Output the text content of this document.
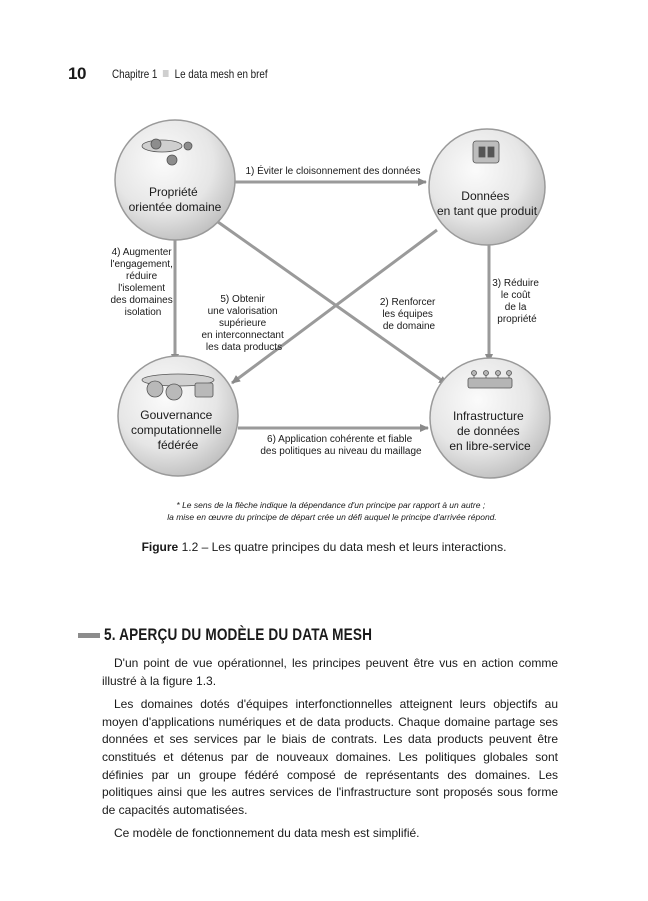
10 Chapitre 1 Le data mesh en bref
Propriété orientée domaine
Données en tant que produit
Gouvernance computationnelle fédérée
Infrastructure de données en libre-service
1) Éviter le cloisonnement des données
2) Renforcer les équipes de domaine
3) Réduire le coût de la propriété
4) Augmenter l'engagement, réduire l'isolement des domaines isolation
5) Obtenir une valorisation supérieure en interconnectant les data products
6) Application cohérente et fiable des politiques au niveau du maillage
* Le sens de la flèche indique la dépendance d'un principe par rapport à un autre ; la mise en œuvre du principe de départ crée un défi auquel le principe d'arrivée répond.
Figure 1.2 – Les quatre principes du data mesh et leurs interactions.
5. APERÇU DU MODÈLE DU DATA MESH

D'un point de vue opérationnel, les principes peuvent être vus en action comme illustré à la figure 1.3.

Les domaines dotés d'équipes interfonctionnelles atteignent leurs objectifs au moyen d'applications numériques et de data products. Chaque domaine partage ses données et ses services par le biais de contrats. Les data products peuvent être constitués et détenus par de nouveaux domaines. Les politiques globales sont définies par un groupe fédéré composé de représentants des domaines. Les politiques ainsi que les autres services de l'infrastructure sont proposés sous forme de capacités automatisées.

Ce modèle de fonctionnement du data mesh est simplifié.
